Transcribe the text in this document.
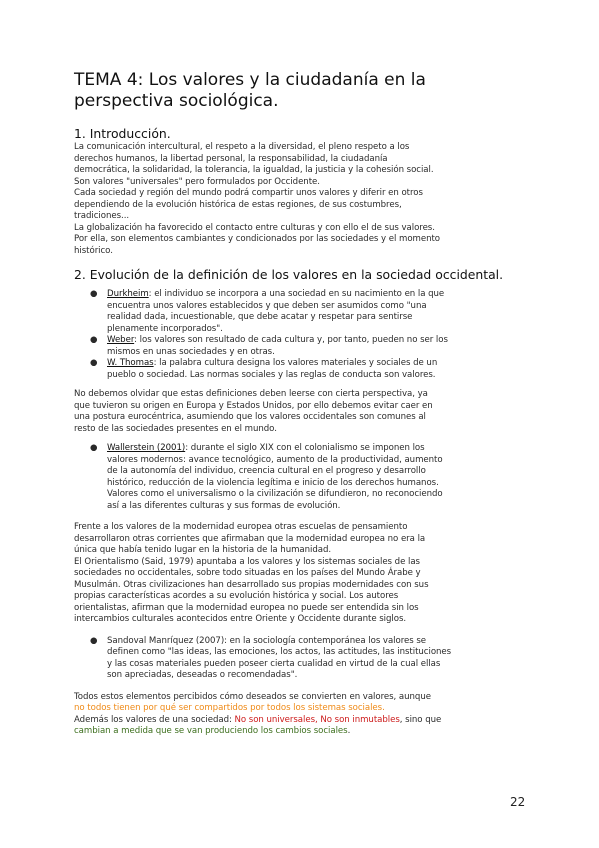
TEMA 4: Los valores y la ciudadanía en la perspectiva sociológica.
1. Introducción.

La comunicación intercultural, el respeto a la diversidad, el pleno respeto a los
derechos humanos, la libertad personal, la responsabilidad, la ciudadanía
democrática, la solidaridad, la tolerancia, la igualdad, la justicia y la cohesión social.
Son valores "universales" pero formulados por Occidente.
Cada sociedad y región del mundo podrá compartir unos valores y diferir en otros
dependiendo de la evolución histórica de estas regiones, de sus costumbres,
tradiciones...
La globalización ha favorecido el contacto entre culturas y con ello el de sus valores.
Por ella, son elementos cambiantes y condicionados por las sociedades y el momento
histórico.

2. Evolución de la definición de los valores en la sociedad occidental.
● Durkheim: el individuo se incorpora a una sociedad en su nacimiento en la que
encuentra unos valores establecidos y que deben ser asumidos como "una
realidad dada, incuestionable, que debe acatar y respetar para sentirse
plenamente incorporados".
● Weber: los valores son resultado de cada cultura y, por tanto, pueden no ser los
mismos en unas sociedades y en otras.
● W. Thomas: la palabra cultura designa los valores materiales y sociales de un
pueblo o sociedad. Las normas sociales y las reglas de conducta son valores.

No debemos olvidar que estas definiciones deben leerse con cierta perspectiva, ya
que tuvieron su origen en Europa y Estados Unidos, por ello debemos evitar caer en
una postura eurocéntrica, asumiendo que los valores occidentales son comunes al
resto de las sociedades presentes en el mundo.

● Wallerstein (2001): durante el siglo XIX con el colonialismo se imponen los
valores modernos: avance tecnológico, aumento de la productividad, aumento
de la autonomía del individuo, creencia cultural en el progreso y desarrollo
histórico, reducción de la violencia legítima e inicio de los derechos humanos.
Valores como el universalismo o la civilización se difundieron, no reconociendo
así a las diferentes culturas y sus formas de evolución.

Frente a los valores de la modernidad europea otras escuelas de pensamiento
desarrollaron otras corrientes que afirmaban que la modernidad europea no era la
única que había tenido lugar en la historia de la humanidad.
El Orientalismo (Said, 1979) apuntaba a los valores y los sistemas sociales de las
sociedades no occidentales, sobre todo situadas en los países del Mundo Árabe y
Musulmán. Otras civilizaciones han desarrollado sus propias modernidades con sus
propias características acordes a su evolución histórica y social. Los autores
orientalistas, afirman que la modernidad europea no puede ser entendida sin los
intercambios culturales acontecidos entre Oriente y Occidente durante siglos.

● Sandoval Manríquez (2007): en la sociología contemporánea los valores se
definen como "las ideas, las emociones, los actos, las actitudes, las instituciones
y las cosas materiales pueden poseer cierta cualidad en virtud de la cual ellas
son apreciadas, deseadas o recomendadas".

Todos estos elementos percibidos cómo deseados se convierten en valores, aunque
no todos tienen por qué ser compartidos por todos los sistemas sociales.
Además los valores de una sociedad: No son universales, No son inmutables, sino que
cambian a medida que se van produciendo los cambios sociales.

22
